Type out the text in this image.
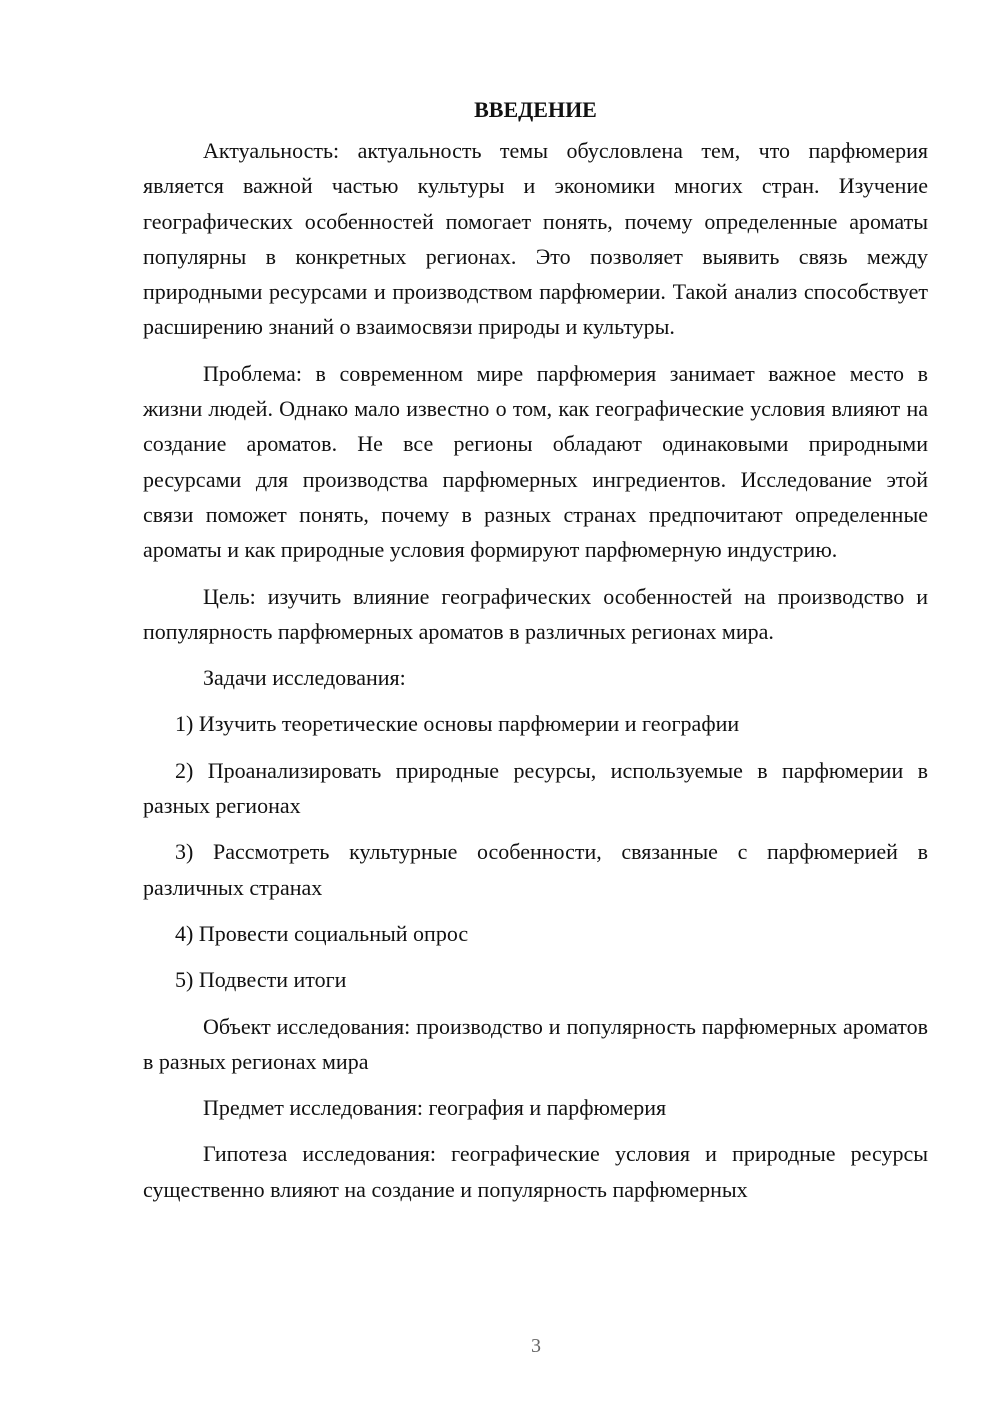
ВВЕДЕНИЕ

Актуальность: актуальность темы обусловлена тем, что парфюмерия является важной частью культуры и экономики многих стран. Изучение географических особенностей помогает понять, почему определенные ароматы популярны в конкретных регионах. Это позволяет выявить связь между природными ресурсами и производством парфюмерии. Такой анализ способствует расширению знаний о взаимосвязи природы и культуры.

Проблема: в современном мире парфюмерия занимает важное место в жизни людей. Однако мало известно о том, как географические условия влияют на создание ароматов. Не все регионы обладают одинаковыми природными ресурсами для производства парфюмерных ингредиентов. Исследование этой связи поможет понять, почему в разных странах предпочитают определенные ароматы и как природные условия формируют парфюмерную индустрию.

Цель: изучить влияние географических особенностей на производство и популярность парфюмерных ароматов в различных регионах мира.

Задачи исследования:

1) Изучить теоретические основы парфюмерии и географии

2) Проанализировать природные ресурсы, используемые в парфюмерии в разных регионах

3) Рассмотреть культурные особенности, связанные с парфюмерией в различных странах

4) Провести социальный опрос

5) Подвести итоги

Объект исследования: производство и популярность парфюмерных ароматов в разных регионах мира

Предмет исследования: география и парфюмерия

Гипотеза исследования: географические условия и природные ресурсы существенно влияют на создание и популярность парфюмерных

3
